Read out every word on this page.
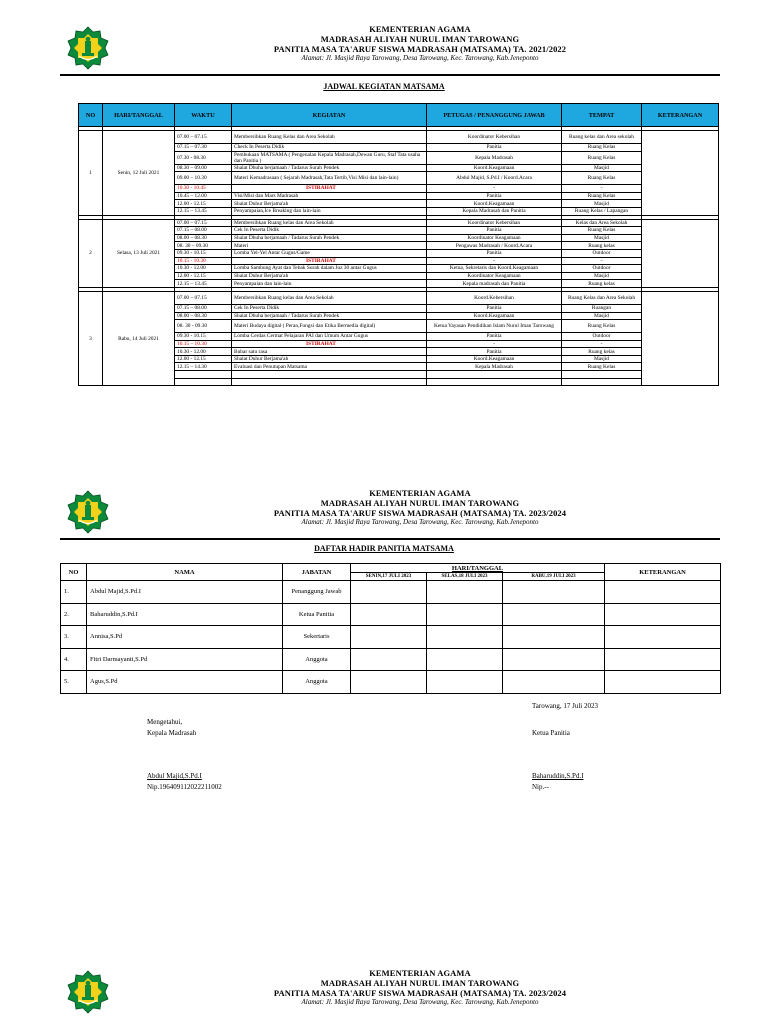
KEMENTERIAN AGAMA
MADRASAH ALIYAH NURUL IMAN TAROWANG
PANITIA MASA TA'ARUF SISWA MADRASAH (MATSAMA) TA. 2021/2022
Alamat: Jl. Masjid Raya Tarowang, Desa Tarowang, Kec. Tarowang, Kab.Jeneponto
JADWAL KEGIATAN MATSAMA
NO	HARI/TANGGAL	WAKTU	KEGIATAN	PETUGAS / PENANGGUNG JAWAB	TEMPAT	KETERANGAN

1	Senin, 12 Juli 2021	07.00 – 07.15	Membersihkan Ruang Kelas dan Area Sekolah	Koordinator Kebersihan	Ruang kelas dan Area sekolah	
		07.15 – 07.30	Check In Peserta Didik	Panitia	Ruang Kelas	
		07.30 - 08.30	Pembukaan MATSAMA ( Pengenalan Kepala Madrasah,Dewan Guru, Staf Tata usaha dan Panitia )	Kepala Madrasah	Ruang Kelas	
		08.30 – 09.00	Shalat Dhuha berjamaah / Tadarus Surah Pendek	Koord.Keagamaan	Masjid	
		09.00 – 10.30	Materi Kemadrasaan ( Sejarah Madrasah,Tata Tertib,Visi Misi dan lain-lain)	Abdul Majid, S.Pd.I / Koord.Acara	Ruang Kelas	
		10.30 - 10.45	ISTIRAHAT	-	-	
		10.45 – 12.00	Visi/Misi dan Mars Madrasah	Panitia	Ruang Kelas	
		12.00 - 12.15	Shalat Duhur Berjama'ah	Koord.Keagamaan	Masjid	
		12.15 – 13.45	Penyampaian,Ice Breaking dan lain-lain	Kepala Madrasah dan Panitia	Ruang Kelas / Lapangan	

2	Selasa, 13 Juli 2021	07.00 – 07.15	Membersihkan Ruang kelas dan Area Sekolah	Koordinator Kebersihan	Kelas dan Area Sekolah	
		07.15 – 08.00	Cek In Peserta Didik	Panitia	Ruang Kelas	
		08.00 – 08.30	Shalat Dhuha berjamaah / Tadarus Surah Pendek	Koordinator Keagamaan	Masjid	
		08. 30 – 09.30	Materi	Pengawas Madrasah / Koord.Acara	Ruang kelas	
		09.30 - 10.15	Lomba Yel-Yel Antar Gugus/Game	Panitia	Outdoor	
		10.15 - 10.30	ISTIRAHAT	-	-	
		10.30 - 12.00	Lomba Sambung Ayat dan Tebak Surah dalam Juz 30 antar Gugus	Ketua, Sekretaris dan Koord.Keagamaan	Outdoor	
		12.00 - 12.15	Shalat Duhur Berjama'ah	Koordinator Keagamaan	Masjid	
		12.15 – 13.45	Penyampaian dan lain-lain	Kepala madrasah dan Panitia	Ruang kelas	

3	Rabu, 14 Juli 2021	07.00 – 07.15	Membersihkan Ruang kelas dan Area Sekolah	Koord.Kebersihan	Ruang Kelas dan Area Sekolah	
		07.15 – 08.00	Cek In Peserta Didik	Panitia	Ruangan	
		08.00 – 08.30	Shalat Dhuha berjamaah / Tadarus Surah Pendek	Koord.Keagamaan	Masjid	
		08. 30 - 09.30	Materi Budaya digital ( Peran,Fungsi dan Etika Bermedia digital)	Ketua Yayasan Pendidikan Islam Nurul Iman Tarowang	Ruang Kelas	
		09.30 - 10.15	Lomba Cerdas Cermat Pelajaran PAI dan Umum Antar Gugus	Panitia	Outdoor	
		10.15 – 10.30	ISTIRAHAT	-	-	
		10.30 - 12.00	Bubar satu rasa	Panitia	Ruang kelas	
		12.00 - 12.15	Shalat Duhur Berjama'ah	Koord.Keagamaan	Masjid	
		12.15 – 14.30	Evaluasi dan Penutupan Matsama	Kepala Madrasah	Ruang Kelas	

KEMENTERIAN AGAMA
MADRASAH ALIYAH NURUL IMAN TAROWANG
PANITIA MASA TA'ARUF SISWA MADRASAH (MATSAMA) TA. 2023/2024
Alamat: Jl. Masjid Raya Tarowang, Desa Tarowang, Kec. Tarowang, Kab.Jeneponto
DAFTAR HADIR PANITIA MATSAMA
NO	NAMA	JABATAN	HARI/TANGGAL			KETERANGAN
			SENIN,17 JULI 2023	SELAS,18 JULI 2023	RABU,19 JULI 2023	
1.	Abdul Majid,S.Pd.I	Penanggung Jawab				
2.	Baharuddin,S.Pd.I	Ketua Panitia				
3.	Annisa,S.Pd	Sekertaris				
4.	Fitri Darmayanti,S.Pd	Anggota				
5.	Agus,S.Pd	Anggota				
Tarowang, 17 Juli 2023
Mengetahui,
Kepala Madrasah	Ketua Panitia
Abdul Majid,S.Pd.I
Nip.196409112022211002
Baharuddin,S.Pd.I
Nip.--
KEMENTERIAN AGAMA
MADRASAH ALIYAH NURUL IMAN TAROWANG
PANITIA MASA TA'ARUF SISWA MADRASAH (MATSAMA) TA. 2023/2024
Alamat: Jl. Masjid Raya Tarowang, Desa Tarowang, Kec. Tarowang, Kab.Jeneponto
